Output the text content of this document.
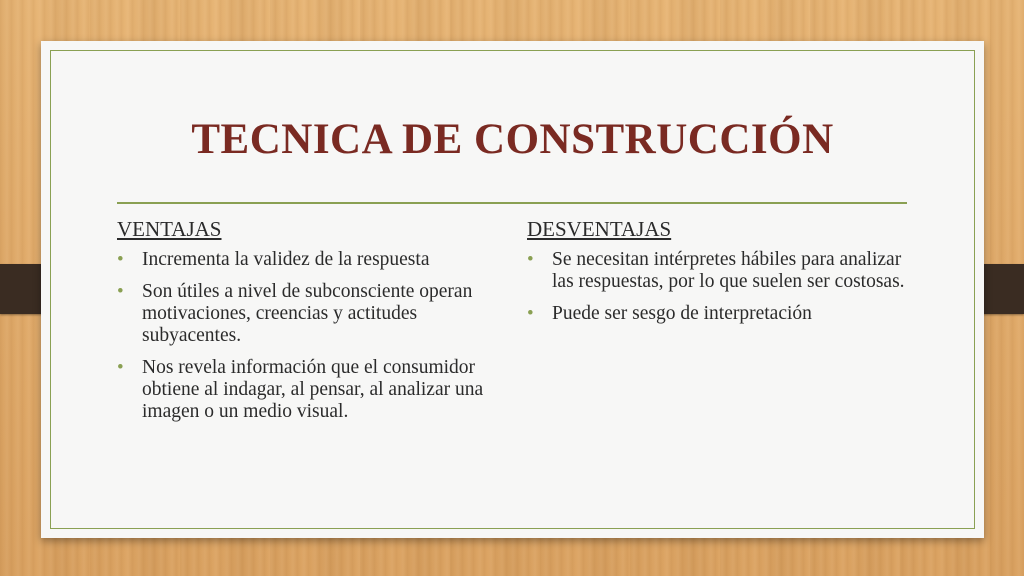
TECNICA DE CONSTRUCCIÓN
VENTAJAS
• Incrementa la validez de la respuesta
• Son útiles a nivel de subconsciente operan motivaciones, creencias y actitudes subyacentes.
• Nos revela información que el consumidor obtiene al indagar, al pensar, al analizar una imagen o un medio visual.
DESVENTAJAS
• Se necesitan intérpretes hábiles para analizar las respuestas, por lo que suelen ser costosas.
• Puede ser sesgo de interpretación
